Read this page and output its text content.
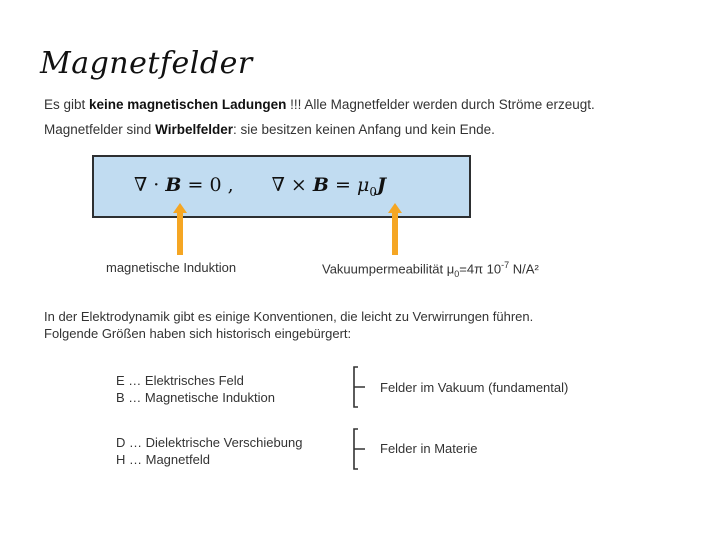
Magnetfelder
Es gibt keine magnetischen Ladungen !!! Alle Magnetfelder werden durch Ströme erzeugt.
Magnetfelder sind Wirbelfelder: sie besitzen keinen Anfang und kein Ende.
∇ · B = 0 , ∇ × $B = \mu_0J$
magnetische Induktion	Vakuumpermeabilität $\mu_0=4\pi$ $10^{-7}$ N/A²
In der Elektrodynamik gibt es einige Konventionen, die leicht zu Verwirrungen führen.
Folgende Größen haben sich historisch eingebürgert:
E … Elektrisches Feld
B … Magnetische Induktion
Felder im Vakuum (fundamental)
D … Dielektrische Verschiebung
H … Magnetfeld
Felder in Materie
